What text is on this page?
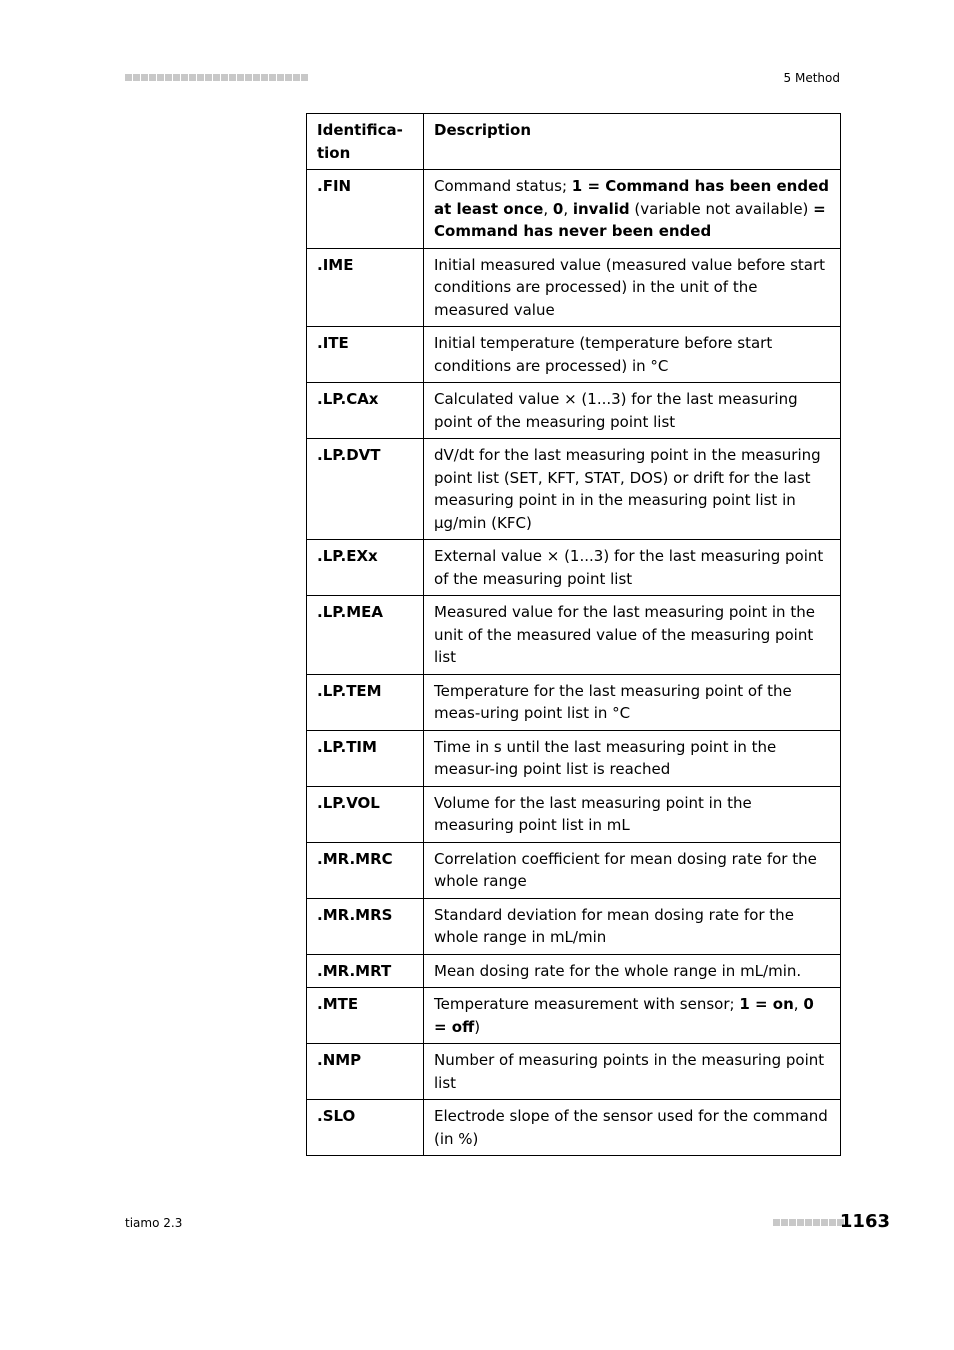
5 Method
Identifica-
tion	Description
.FIN	Command status; 1 = Command has been ended at least once, 0, invalid (variable not available) = Command has never been ended
.IME	Initial measured value (measured value before start conditions are processed) in the unit of the measured value
.ITE	Initial temperature (temperature before start conditions are processed) in °C
.LP.CAx	Calculated value × (1...3) for the last measuring point of the measuring point list
.LP.DVT	dV/dt for the last measuring point in the measuring point list (SET, KFT, STAT, DOS) or drift for the last measuring point in in the measuring point list in µg/min (KFC)
.LP.EXx	External value × (1...3) for the last measuring point of the measuring point list
.LP.MEA	Measured value for the last measuring point in the unit of the measured value of the measuring point list
.LP.TEM	Temperature for the last measuring point of the meas-uring point list in °C
.LP.TIM	Time in s until the last measuring point in the measur-ing point list is reached
.LP.VOL	Volume for the last measuring point in the measuring point list in mL
.MR.MRC	Correlation coefficient for mean dosing rate for the whole range
.MR.MRS	Standard deviation for mean dosing rate for the whole range in mL/min
.MR.MRT	Mean dosing rate for the whole range in mL/min.
.MTE	Temperature measurement with sensor; 1 = on, 0 = off)
.NMP	Number of measuring points in the measuring point list
.SLO	Electrode slope of the sensor used for the command (in %)
tiamo 2.3	1163
